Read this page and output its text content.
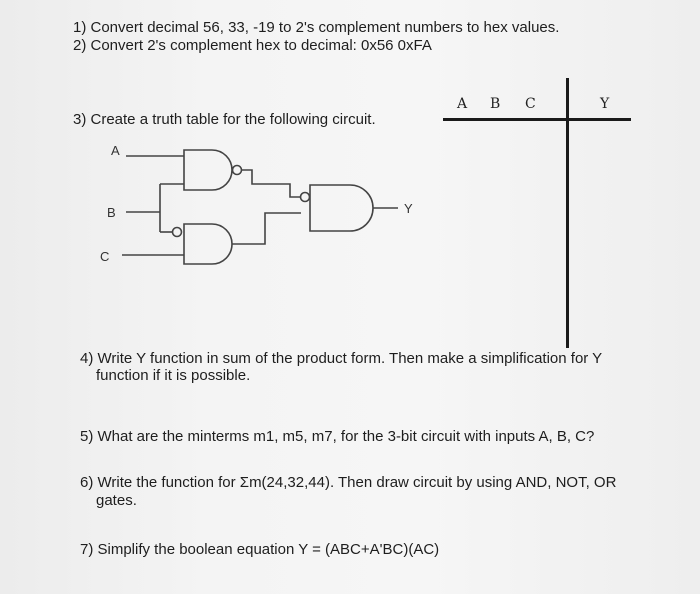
1) Convert decimal 56, 33, -19 to 2's complement numbers to hex values.
2) Convert 2's complement hex to decimal: 0x56 0xFA
3) Create a truth table for the following circuit.
A B C	Y
A
B
C
Y
4) Write Y function in sum of the product form. Then make a simplification for Y
function if it is possible.
5) What are the minterms m1, m5, m7, for the 3-bit circuit with inputs A, B, C?
6) Write the function for Σm(24,32,44). Then draw circuit by using AND, NOT, OR
gates.
7) Simplify the boolean equation Y = (ABC+A'BC)(AC)
